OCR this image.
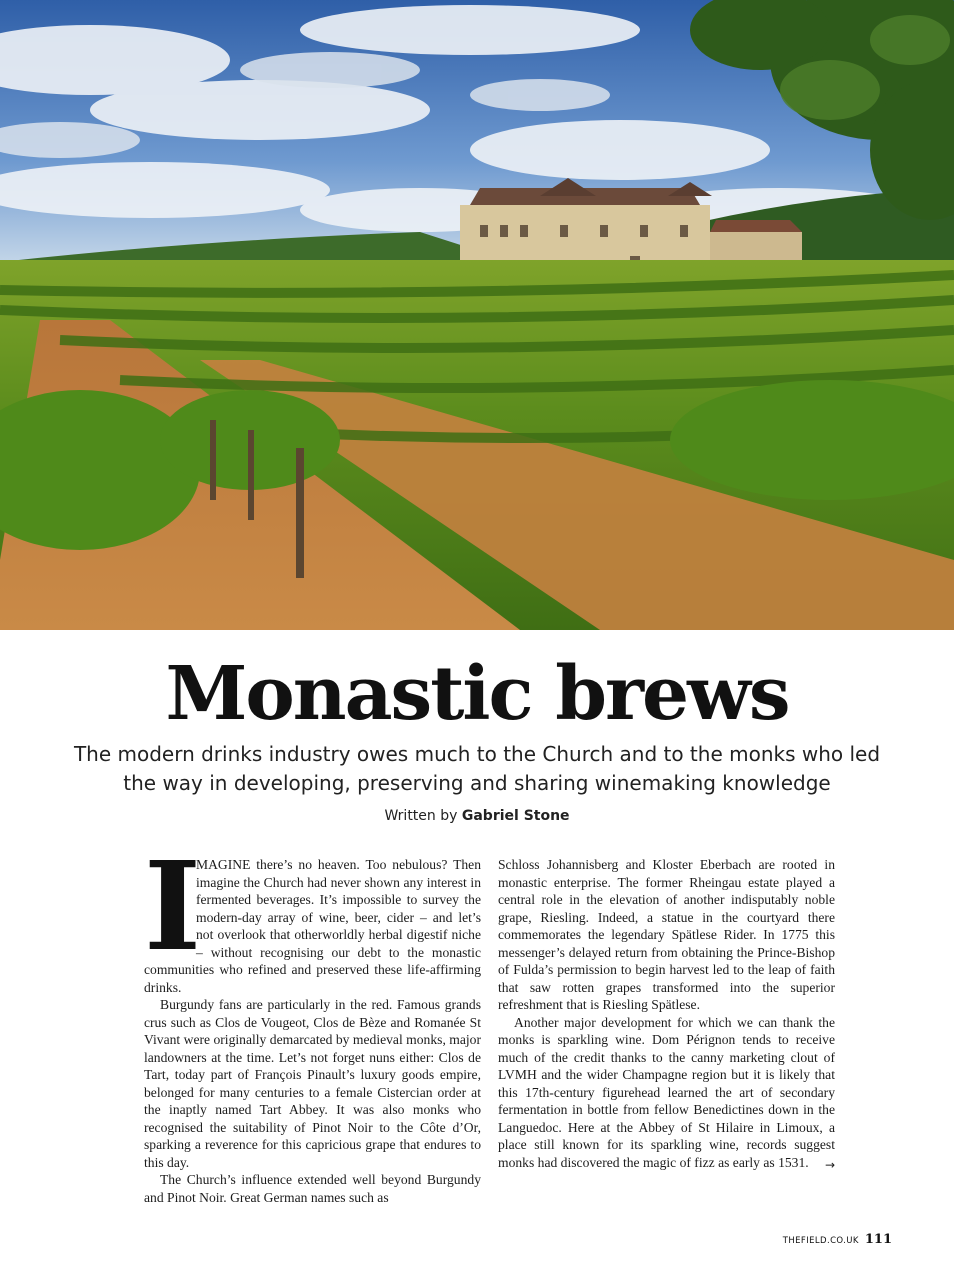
Monastic brews
The modern drinks industry owes much to the Church and to the monks who led the way in developing, preserving and sharing winemaking knowledge
Written by Gabriel Stone

I
MAGINE there’s no heaven. Too nebulous? Then imagine the Church had never shown any interest in fermented beverages. It’s impossible to survey the modern-day array of wine, beer, cider – and let’s not overlook that otherworldly herbal digestif niche – without recognising our debt to the monastic communities who refined and preserved these life-affirming drinks.

Burgundy fans are particularly in the red. Famous grands crus such as Clos de Vougeot, Clos de Bèze and Romanée St Vivant were originally demarcated by medieval monks, major landowners at the time. Let’s not forget nuns either: Clos de Tart, today part of François Pinault’s luxury goods empire, belonged for many centuries to a female Cistercian order at the inaptly named Tart Abbey. It was also monks who recognised the suitability of Pinot Noir to the Côte d’Or, sparking a reverence for this capricious grape that endures to this day.

The Church’s influence extended well beyond Burgundy and Pinot Noir. Great German names such as

Schloss Johannisberg and Kloster Eberbach are rooted in monastic enterprise. The former Rheingau estate played a central role in the elevation of another indisputably noble grape, Riesling. Indeed, a statue in the courtyard there commemorates the legendary Spätlese Rider. In 1775 this messenger’s delayed return from obtaining the Prince-Bishop of Fulda’s permission to begin harvest led to the leap of faith that saw rotten grapes transformed into the superior refreshment that is Riesling Spätlese.

Another major development for which we can thank the monks is sparkling wine. Dom Pérignon tends to receive much of the credit thanks to the canny marketing clout of LVMH and the wider Champagne region but it is likely that this 17th-century figurehead learned the art of secondary fermentation in bottle from fellow Benedictines down in the Languedoc. Here at the Abbey of St Hilaire in Limoux, a place still known for its sparkling wine, records suggest monks had discovered the magic of fizz as early as 1531.	→
THEFIELD.CO.UK 111
